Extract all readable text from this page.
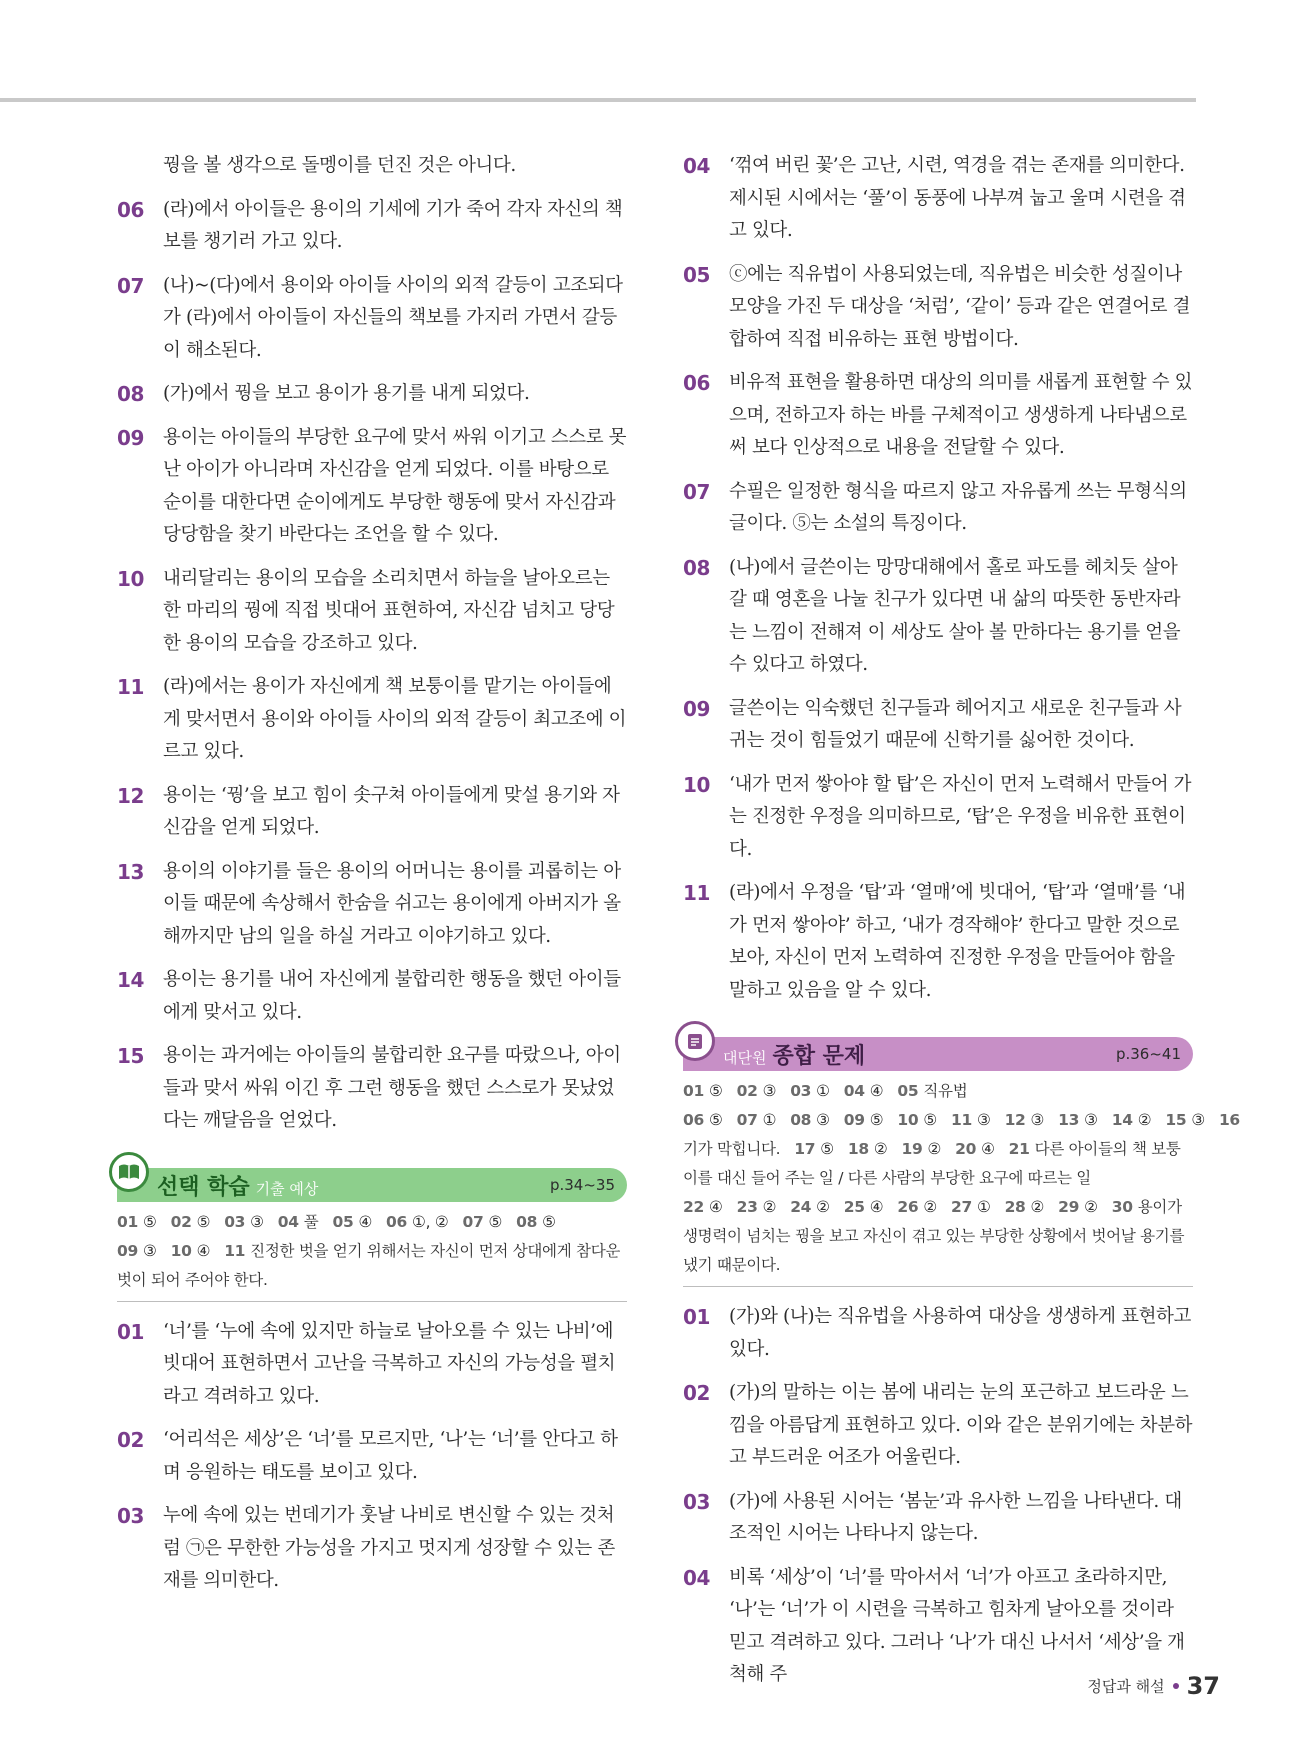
꿩을 볼 생각으로 돌멩이를 던진 것은 아니다.
06 (라)에서 아이들은 용이의 기세에 기가 죽어 각자 자신의 책보를 챙기러 가고 있다.
07 (나)~(다)에서 용이와 아이들 사이의 외적 갈등이 고조되다가 (라)에서 아이들이 자신들의 책보를 가지러 가면서 갈등이 해소된다.
08 (가)에서 꿩을 보고 용이가 용기를 내게 되었다.
09 용이는 아이들의 부당한 요구에 맞서 싸워 이기고 스스로 못난 아이가 아니라며 자신감을 얻게 되었다. 이를 바탕으로 순이를 대한다면 순이에게도 부당한 행동에 맞서 자신감과 당당함을 찾기 바란다는 조언을 할 수 있다.
10 내리달리는 용이의 모습을 소리치면서 하늘을 날아오르는 한 마리의 꿩에 직접 빗대어 표현하여, 자신감 넘치고 당당한 용이의 모습을 강조하고 있다.
11 (라)에서는 용이가 자신에게 책 보퉁이를 맡기는 아이들에게 맞서면서 용이와 아이들 사이의 외적 갈등이 최고조에 이르고 있다.
12 용이는 ‘꿩’을 보고 힘이 솟구쳐 아이들에게 맞설 용기와 자신감을 얻게 되었다.
13 용이의 이야기를 들은 용이의 어머니는 용이를 괴롭히는 아이들 때문에 속상해서 한숨을 쉬고는 용이에게 아버지가 올해까지만 남의 일을 하실 거라고 이야기하고 있다.
14 용이는 용기를 내어 자신에게 불합리한 행동을 했던 아이들에게 맞서고 있다.
15 용이는 과거에는 아이들의 불합리한 요구를 따랐으나, 아이들과 맞서 싸워 이긴 후 그런 행동을 했던 스스로가 못났었다는 깨달음을 얻었다.
선택 학습 기출 예상	p.34~35
01 ⑤ 02 ⑤ 03 ③ 04 풀 05 ④ 06 ①, ② 07 ⑤ 08 ⑤
09 ③ 10 ④ 11 진정한 벗을 얻기 위해서는 자신이 먼저 상대에게 참다운 벗이 되어 주어야 한다.
01 ‘너’를 ‘누에 속에 있지만 하늘로 날아오를 수 있는 나비’에 빗대어 표현하면서 고난을 극복하고 자신의 가능성을 펼치라고 격려하고 있다.
02 ‘어리석은 세상’은 ‘너’를 모르지만, ‘나’는 ‘너’를 안다고 하며 응원하는 태도를 보이고 있다.
03 누에 속에 있는 번데기가 훗날 나비로 변신할 수 있는 것처럼 ㉠은 무한한 가능성을 가지고 멋지게 성장할 수 있는 존재를 의미한다.
04 ‘꺾여 버린 꽃’은 고난, 시련, 역경을 겪는 존재를 의미한다. 제시된 시에서는 ‘풀’이 동풍에 나부껴 눕고 울며 시련을 겪고 있다.
05 ⓒ에는 직유법이 사용되었는데, 직유법은 비슷한 성질이나 모양을 가진 두 대상을 ‘처럼’, ‘같이’ 등과 같은 연결어로 결합하여 직접 비유하는 표현 방법이다.
06 비유적 표현을 활용하면 대상의 의미를 새롭게 표현할 수 있으며, 전하고자 하는 바를 구체적이고 생생하게 나타냄으로써 보다 인상적으로 내용을 전달할 수 있다.
07 수필은 일정한 형식을 따르지 않고 자유롭게 쓰는 무형식의 글이다. ⑤는 소설의 특징이다.
08 (나)에서 글쓴이는 망망대해에서 홀로 파도를 헤치듯 살아갈 때 영혼을 나눌 친구가 있다면 내 삶의 따뜻한 동반자라는 느낌이 전해져 이 세상도 살아 볼 만하다는 용기를 얻을 수 있다고 하였다.
09 글쓴이는 익숙했던 친구들과 헤어지고 새로운 친구들과 사귀는 것이 힘들었기 때문에 신학기를 싫어한 것이다.
10 ‘내가 먼저 쌓아야 할 탑’은 자신이 먼저 노력해서 만들어 가는 진정한 우정을 의미하므로, ‘탑’은 우정을 비유한 표현이다.
11 (라)에서 우정을 ‘탑’과 ‘열매’에 빗대어, ‘탑’과 ‘열매’를 ‘내가 먼저 쌓아야’ 하고, ‘내가 경작해야’ 한다고 말한 것으로 보아, 자신이 먼저 노력하여 진정한 우정을 만들어야 함을 말하고 있음을 알 수 있다.
대단원 종합 문제	p.36~41
01 ⑤ 02 ③ 03 ① 04 ④ 05 직유법06 ⑤ 07 ① 08 ③ 09 ⑤ 10 ⑤ 11 ③ 12 ③ 13 ③ 14 ② 15 ③ 16기가 막힙니다. 17 ⑤ 18 ② 19 ② 20 ④ 21 다른 아이들의 책 보퉁이를 대신 들어 주는 일 / 다른 사람의 부당한 요구에 따르는 일22 ④ 23 ② 24 ② 25 ④ 26 ② 27 ① 28 ② 29 ② 30 용이가 생명력이 넘치는 꿩을 보고 자신이 겪고 있는 부당한 상황에서 벗어날 용기를 냈기 때문이다.
01 (가)와 (나)는 직유법을 사용하여 대상을 생생하게 표현하고 있다.
02 (가)의 말하는 이는 봄에 내리는 눈의 포근하고 보드라운 느낌을 아름답게 표현하고 있다. 이와 같은 분위기에는 차분하고 부드러운 어조가 어울린다.
03 (가)에 사용된 시어는 ‘봄눈’과 유사한 느낌을 나타낸다. 대조적인 시어는 나타나지 않는다.
04 비록 ‘세상’이 ‘너’를 막아서서 ‘너’가 아프고 초라하지만, ‘나’는 ‘너’가 이 시련을 극복하고 힘차게 날아오를 것이라 믿고 격려하고 있다. 그러나 ‘나’가 대신 나서서 ‘세상’을 개척해 주
정답과 해설 37
